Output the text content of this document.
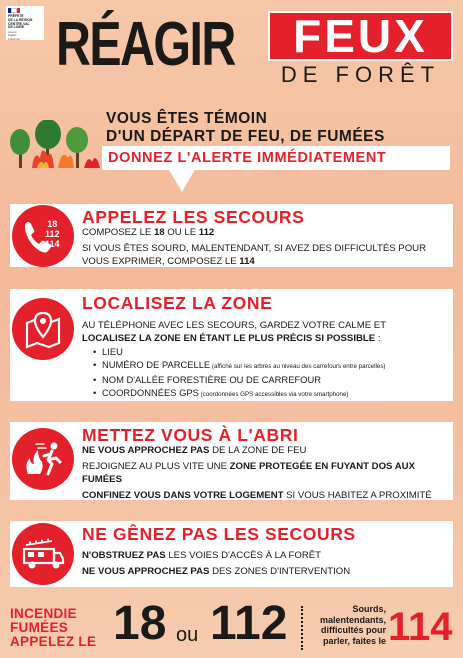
PRÉFETE
DE LA RÉGION
CENTRE-VAL
DE LOIRE
Liberté
Égalité
Fraternité RÉAGIR FEUX
DE FORÊT
VOUS ÊTES TÉMOIN
D'UN DÉPART DE FEU, DE FUMÉES
DONNEZ L'ALERTE IMMÉDIATEMENT
18
112
114
APPELEZ LES SECOURS
COMPOSEZ LE 18 OU LE 112
SI VOUS ÊTES SOURD, MALENTENDANT, SI AVEZ DES DIFFICULTÉS POUR VOUS EXPRIMER, COMPOSEZ LE 114
LOCALISEZ LA ZONE
AU TÉLÉPHONE AVEC LES SECOURS, GARDEZ VOTRE CALME ET
LOCALISEZ LA ZONE EN ÉTANT LE PLUS PRÉCIS SI POSSIBLE :
• LIEU
• NUMÉRO DE PARCELLE (affiché sur les arbres au niveau des carrefours entre parcelles)
• NOM D'ALLÉE FORESTIÈRE OU DE CARREFOUR
• COORDONNÉES GPS (coordonnées GPS accessibles via votre smartphone)
METTEZ VOUS À L'ABRI
NE VOUS APPROCHEZ PAS DE LA ZONE DE FEU
REJOIGNEZ AU PLUS VITE UNE ZONE PROTEGÉE EN FUYANT DOS AUX FUMÉES
CONFINEZ VOUS DANS VOTRE LOGEMENT SI VOUS HABITEZ A PROXIMITÉ
NE GÊNEZ PAS LES SECOURS
N'OBSTRUEZ PAS LES VOIES D'ACCÈS À LA FORÊT
NE VOUS APPROCHEZ PAS DES ZONES D'INTERVENTION
INCENDIE
FUMÉES
APPELEZ LE 18 ou 112	Sourds,
malentendants,
difficultés pour
parler, faites le 114
